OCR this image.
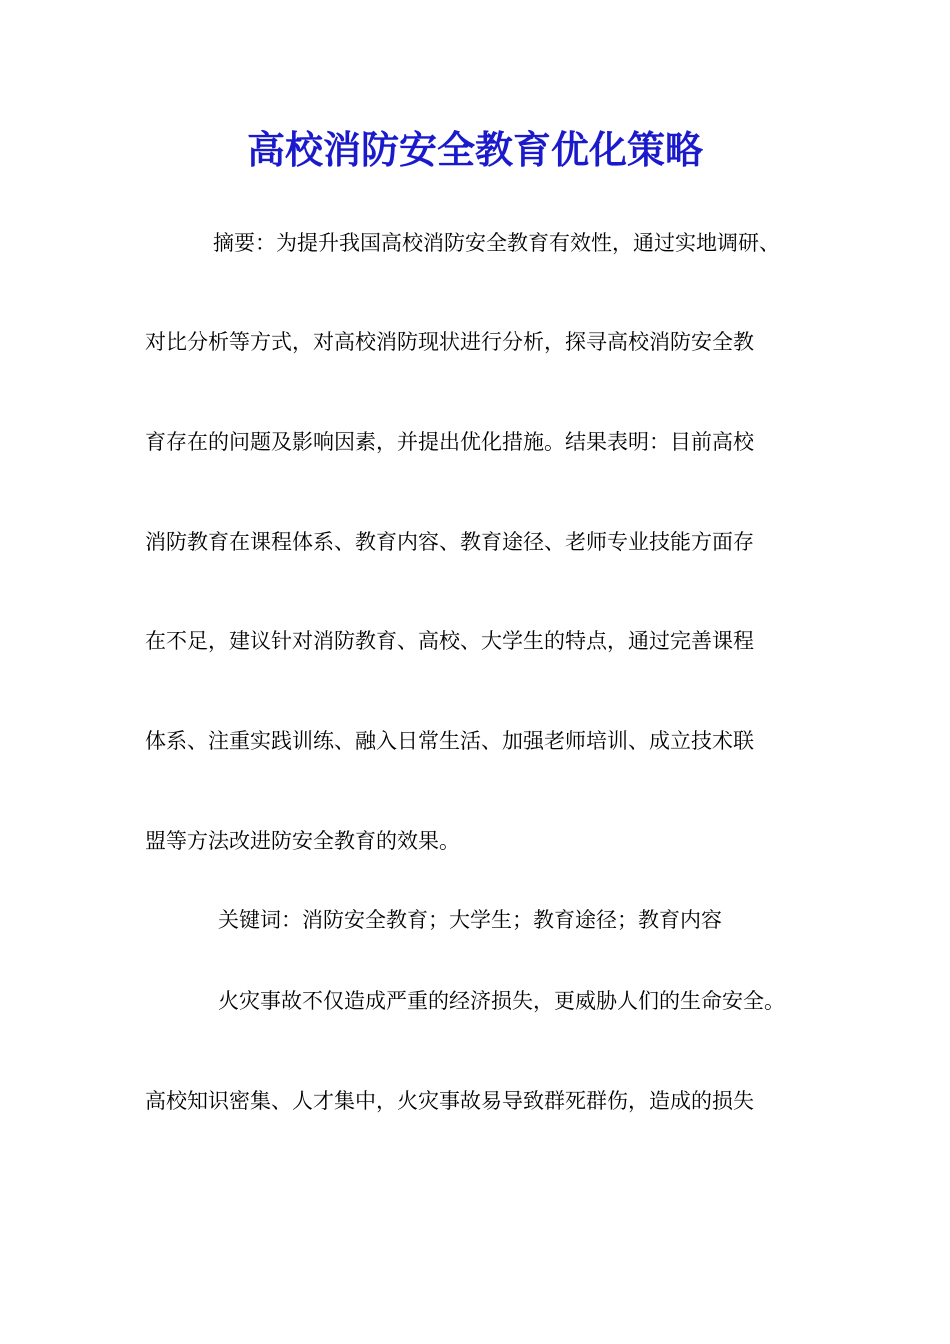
高校消防安全教育优化策略
摘要：为提升我国高校消防安全教育有效性，通过实地调研、
对比分析等方式，对高校消防现状进行分析，探寻高校消防安全教
育存在的问题及影响因素，并提出优化措施。结果表明：目前高校
消防教育在课程体系、教育内容、教育途径、老师专业技能方面存
在不足，建议针对消防教育、高校、大学生的特点，通过完善课程
体系、注重实践训练、融入日常生活、加强老师培训、成立技术联
盟等方法改进防安全教育的效果。
关键词：消防安全教育；大学生；教育途径；教育内容
火灾事故不仅造成严重的经济损失，更威胁人们的生命安全。
高校知识密集、人才集中，火灾事故易导致群死群伤，造成的损失
